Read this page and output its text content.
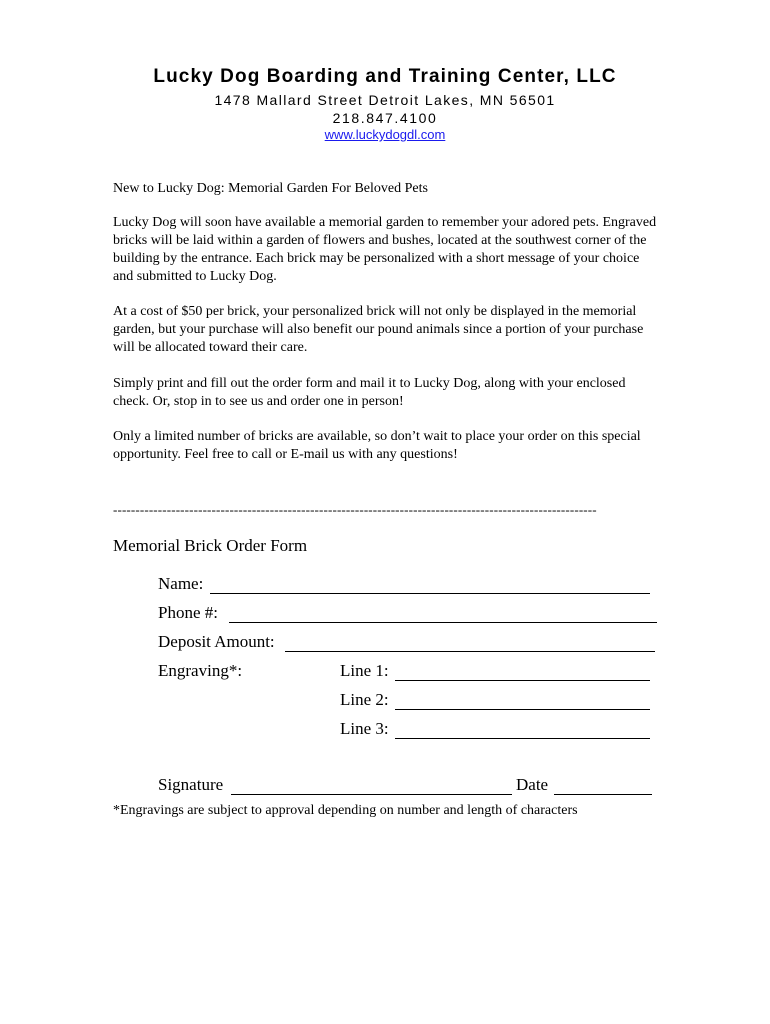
Lucky Dog Boarding and Training Center, LLC
1478 Mallard Street Detroit Lakes, MN 56501
218.847.4100
www.luckydogdl.com
New to Lucky Dog: Memorial Garden For Beloved Pets
Lucky Dog will soon have available a memorial garden to remember your adored pets. Engraved bricks will be laid within a garden of flowers and bushes, located at the southwest corner of the building by the entrance. Each brick may be personalized with a short message of your choice and submitted to Lucky Dog.
At a cost of $50 per brick, your personalized brick will not only be displayed in the memorial garden, but your purchase will also benefit our pound animals since a portion of your purchase will be allocated toward their care.
Simply print and fill out the order form and mail it to Lucky Dog, along with your enclosed check. Or, stop in to see us and order one in person!
Only a limited number of bricks are available, so don’t wait to place your order on this special opportunity. Feel free to call or E-mail us with any questions!
------------------------------------------------------------------------------------------------------------
Memorial Brick Order Form
Name:
Phone #:
Deposit Amount:
Engraving*:	Line 1:
Line 2:
Line 3:
Signature	Date
*Engravings are subject to approval depending on number and length of characters
